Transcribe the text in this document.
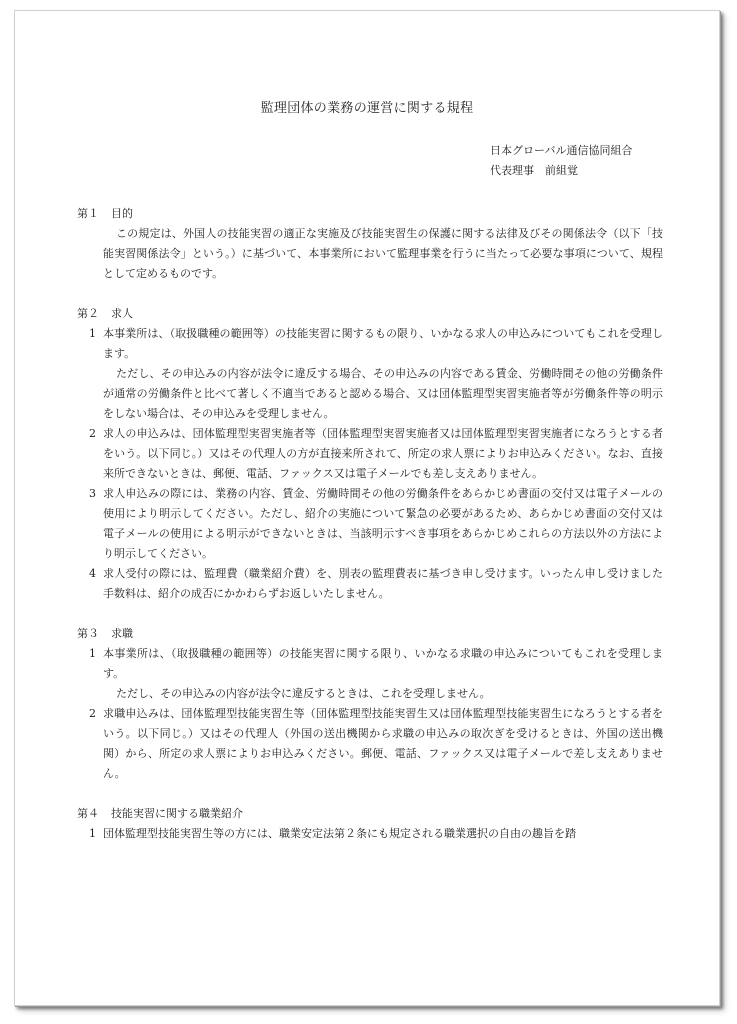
監理団体の業務の運営に関する規程
日本グローバル通信協同組合
代表理事　前組覚
第１ 目的
この規定は、外国人の技能実習の適正な実施及び技能実習生の保護に関する法律及びその関係法令（以下「技能実習関係法令」という。）に基づいて、本事業所において監理事業を行うに当たって必要な事項について、規程として定めるものです。
第２ 求人
1 本事業所は、（取扱職種の範囲等）の技能実習に関するもの限り、いかなる求人の申込みについてもこれを受理します。
ただし、その申込みの内容が法令に違反する場合、その申込みの内容である賃金、労働時間その他の労働条件が通常の労働条件と比べて著しく不適当であると認める場合、又は団体監理型実習実施者等が労働条件等の明示をしない場合は、その申込みを受理しません。
2 求人の申込みは、団体監理型実習実施者等（団体監理型実習実施者又は団体監理型実習実施者になろうとする者をいう。以下同じ。）又はその代理人の方が直接来所されて、所定の求人票によりお申込みください。なお、直接来所できないときは、郵便、電話、ファックス又は電子メールでも差し支えありません。
3 求人申込みの際には、業務の内容、賃金、労働時間その他の労働条件をあらかじめ書面の交付又は電子メールの使用により明示してください。ただし、紹介の実施について緊急の必要があるため、あらかじめ書面の交付又は電子メールの使用による明示ができないときは、当該明示すべき事項をあらかじめこれらの方法以外の方法により明示してください。
4 求人受付の際には、監理費（職業紹介費）を、別表の監理費表に基づき申し受けます。いったん申し受けました手数料は、紹介の成否にかかわらずお返しいたしません。
第３ 求職
1 本事業所は、（取扱職種の範囲等）の技能実習に関する限り、いかなる求職の申込みについてもこれを受理します。
ただし、その申込みの内容が法令に違反するときは、これを受理しません。
2 求職申込みは、団体監理型技能実習生等（団体監理型技能実習生又は団体監理型技能実習生になろうとする者をいう。以下同じ。）又はその代理人（外国の送出機関から求職の申込みの取次ぎを受けるときは、外国の送出機関）から、所定の求人票によりお申込みください。郵便、電話、ファックス又は電子メールで差し支えありません。
第４ 技能実習に関する職業紹介
1 団体監理型技能実習生等の方には、職業安定法第２条にも規定される職業選択の自由の趣旨を踏
